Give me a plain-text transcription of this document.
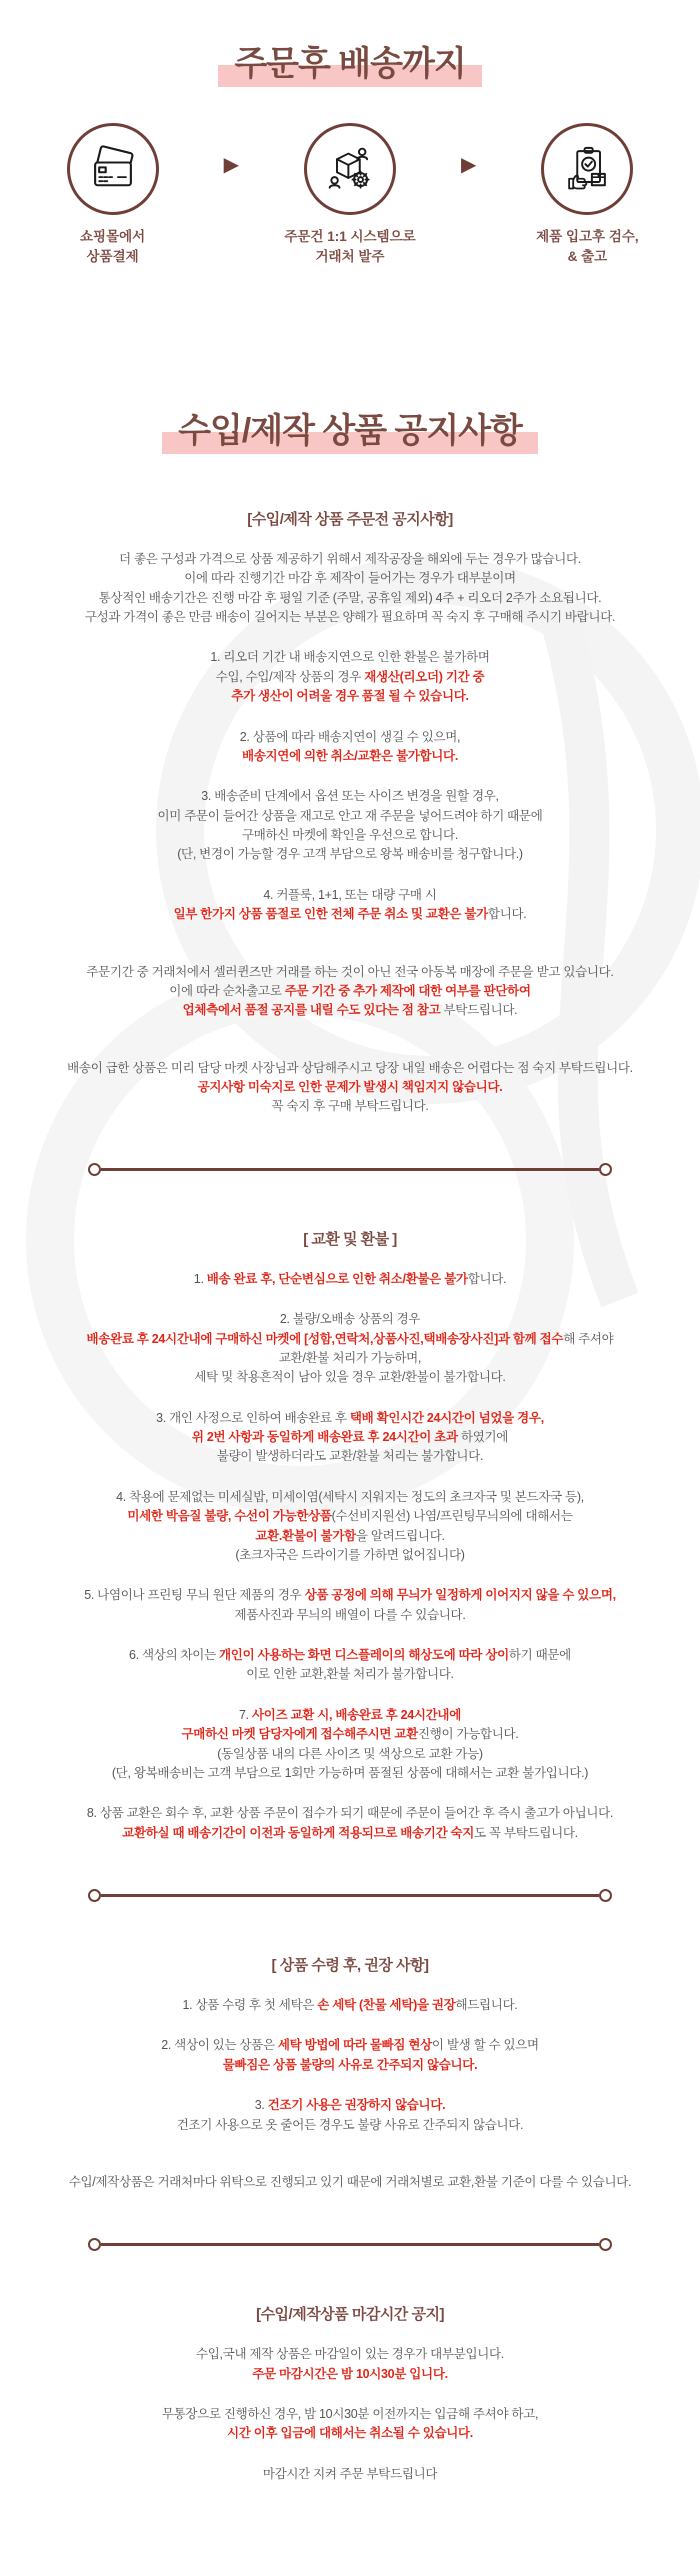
주문후 배송까지
쇼핑몰에서
상품결제
▶
주문건 1:1 시스템으로
거래처 발주
▶
제품 입고후 검수,
& 출고
수입/제작 상품 공지사항
[수입/제작 상품 주문전 공지사항]
더 좋은 구성과 가격으로 상품 제공하기 위해서 제작공장을 해외에 두는 경우가 많습니다.
이에 따라 진행기간 마감 후 제작이 들어가는 경우가 대부분이며
통상적인 배송기간은 진행 마감 후 평일 기준 (주말, 공휴일 제외) 4주 + 리오더 2주가 소요됩니다.
구성과 가격이 좋은 만큼 배송이 길어지는 부분은 양해가 필요하며 꼭 숙지 후 구매해 주시기 바랍니다.
1. 리오더 기간 내 배송지연으로 인한 환불은 불가하며
수입, 수입/제작 상품의 경우 재생산(리오더) 기간 중
추가 생산이 어려울 경우 품절 될 수 있습니다.
2. 상품에 따라 배송지연이 생길 수 있으며,
배송지연에 의한 취소/교환은 불가합니다.
3. 배송준비 단계에서 옵션 또는 사이즈 변경을 원할 경우,
이미 주문이 들어간 상품을 재고로 안고 재 주문을 넣어드려야 하기 때문에
구매하신 마켓에 확인을 우선으로 합니다.
(단, 변경이 가능할 경우 고객 부담으로 왕복 배송비를 청구합니다.)
4. 커플룩, 1+1, 또는 대량 구매 시
일부 한가지 상품 품절로 인한 전체 주문 취소 및 교환은 불가합니다.
주문기간 중 거래처에서 셀러퀸즈만 거래를 하는 것이 아닌 전국 아동복 매장에 주문을 받고 있습니다.
이에 따라 순차출고로 주문 기간 중 추가 제작에 대한 여부를 판단하여
업체측에서 품절 공지를 내릴 수도 있다는 점 참고 부탁드립니다.
배송이 급한 상품은 미리 담당 마켓 사장님과 상담해주시고 당장 내일 배송은 어렵다는 점 숙지 부탁드립니다.
공지사항 미숙지로 인한 문제가 발생시 책임지지 않습니다.
꼭 숙지 후 구매 부탁드립니다.
[ 교환 및 환불 ]
1. 배송 완료 후, 단순변심으로 인한 취소/환불은 불가합니다.
2. 불량/오배송 상품의 경우
배송완료 후 24시간내에 구매하신 마켓에 [성함,연락처,상품사진,택배송장사진]과 함께 접수해 주셔야
교환/환불 처리가 가능하며,
세탁 및 착용흔적이 남아 있을 경우 교환/환불이 불가합니다.
3. 개인 사정으로 인하여 배송완료 후 택배 확인시간 24시간이 넘었을 경우,
위 2번 사항과 동일하게 배송완료 후 24시간이 초과 하였기에
불량이 발생하더라도 교환/환불 처리는 불가합니다.
4. 착용에 문제없는 미세실밥, 미세이염(세탁시 지워지는 정도의 초크자국 및 본드자국 등),
미세한 박음질 불량, 수선이 가능한상품(수선비지원선) 나염/프린팅무늬의에 대해서는
교환.환불이 불가함을 알려드립니다.
(초크자국은 드라이기를 가하면 없어집니다)
5. 나염이나 프린팅 무늬 원단 제품의 경우 상품 공정에 의해 무늬가 일정하게 이어지지 않을 수 있으며,
제품사진과 무늬의 배열이 다를 수 있습니다.
6. 색상의 차이는 개인이 사용하는 화면 디스플레이의 해상도에 따라 상이하기 때문에
이로 인한 교환,환불 처리가 불가합니다.
7. 사이즈 교환 시, 배송완료 후 24시간내에
구매하신 마켓 담당자에게 접수해주시면 교환진행이 가능합니다.
(동일상품 내의 다른 사이즈 및 색상으로 교환 가능)
(단, 왕복배송비는 고객 부담으로 1회만 가능하며 품절된 상품에 대해서는 교환 불가입니다.)
8. 상품 교환은 회수 후, 교환 상품 주문이 접수가 되기 때문에 주문이 들어간 후 즉시 출고가 아닙니다.
교환하실 때 배송기간이 이전과 동일하게 적용되므로 배송기간 숙지도 꼭 부탁드립니다.
[ 상품 수령 후, 권장 사항]
1. 상품 수령 후 첫 세탁은 손 세탁 (찬물 세탁)을 권장해드립니다.
2. 색상이 있는 상품은 세탁 방법에 따라 물빠짐 현상이 발생 할 수 있으며
물빠짐은 상품 불량의 사유로 간주되지 않습니다.
3. 건조기 사용은 권장하지 않습니다.
건조기 사용으로 옷 줄어든 경우도 불량 사유로 간주되지 않습니다.
수입/제작상품은 거래처마다 위탁으로 진행되고 있기 때문에 거래처별로 교환,환불 기준이 다를 수 있습니다.
[수입/제작상품 마감시간 공지]
수입,국내 제작 상품은 마감일이 있는 경우가 대부분입니다.
주문 마감시간은 밤 10시30분 입니다.
무통장으로 진행하신 경우, 밤 10시30분 이전까지는 입금해 주셔야 하고,
시간 이후 입금에 대해서는 취소될 수 있습니다.
마감시간 지켜 주문 부탁드립니다
